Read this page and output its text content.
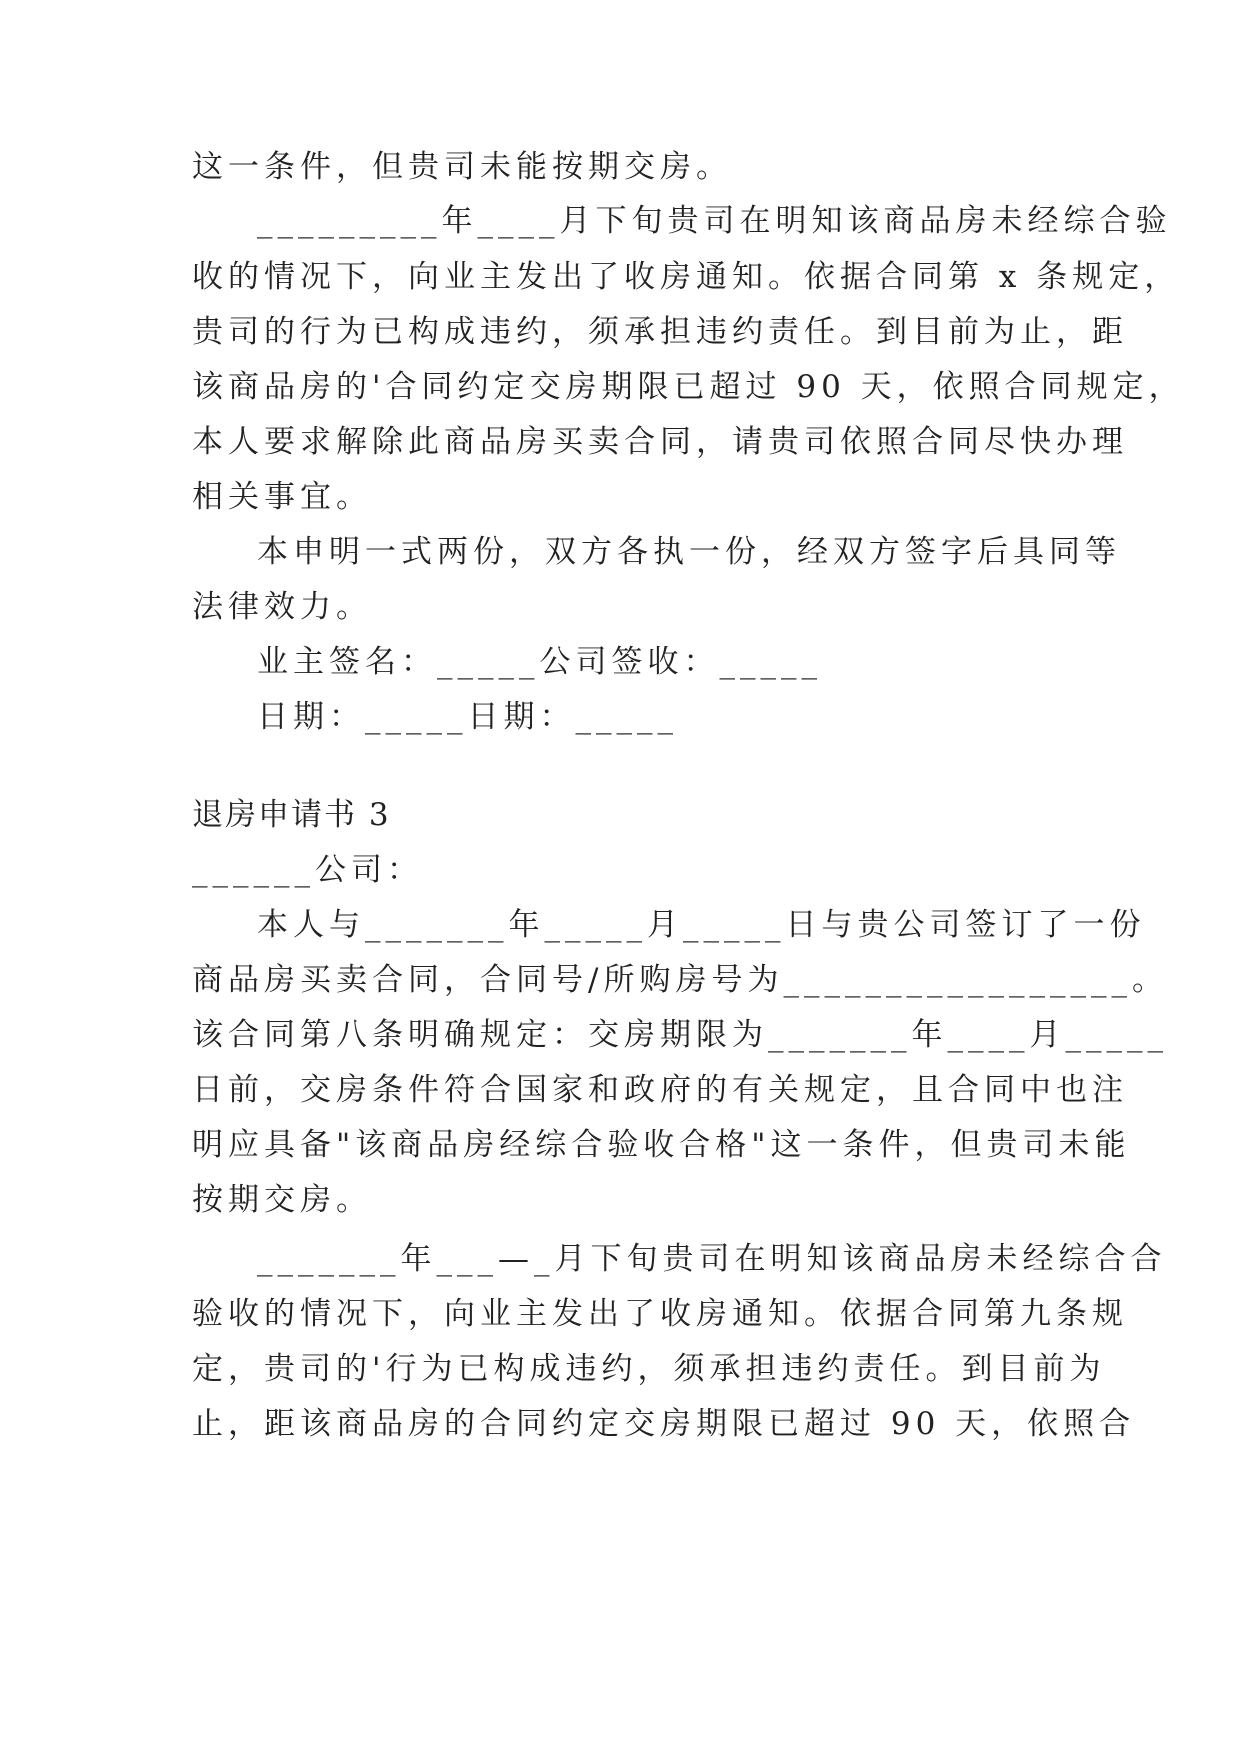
这一条件，但贵司未能按期交房。
_________年____月下旬贵司在明知该商品房未经综合验
收的情况下，向业主发出了收房通知。依据合同第 x 条规定，
贵司的行为已构成违约，须承担违约责任。到目前为止，距
该商品房的'合同约定交房期限已超过 90 天，依照合同规定，
本人要求解除此商品房买卖合同，请贵司依照合同尽快办理
相关事宜。
本申明一式两份，双方各执一份，经双方签字后具同等
法律效力。
业主签名：_____公司签收：_____
日期：_____日期：_____
退房申请书 3
______公司：
本人与_______年_____月_____日与贵公司签订了一份
商品房买卖合同，合同号/所购房号为_________________。
该合同第八条明确规定：交房期限为_______年____月_____
日前，交房条件符合国家和政府的有关规定，且合同中也注
明应具备"该商品房经综合验收合格"这一条件，但贵司未能
按期交房。
_______年___—_月下旬贵司在明知该商品房未经综合合
验收的情况下，向业主发出了收房通知。依据合同第九条规
定，贵司的'行为已构成违约，须承担违约责任。到目前为
止，距该商品房的合同约定交房期限已超过 90 天，依照合
